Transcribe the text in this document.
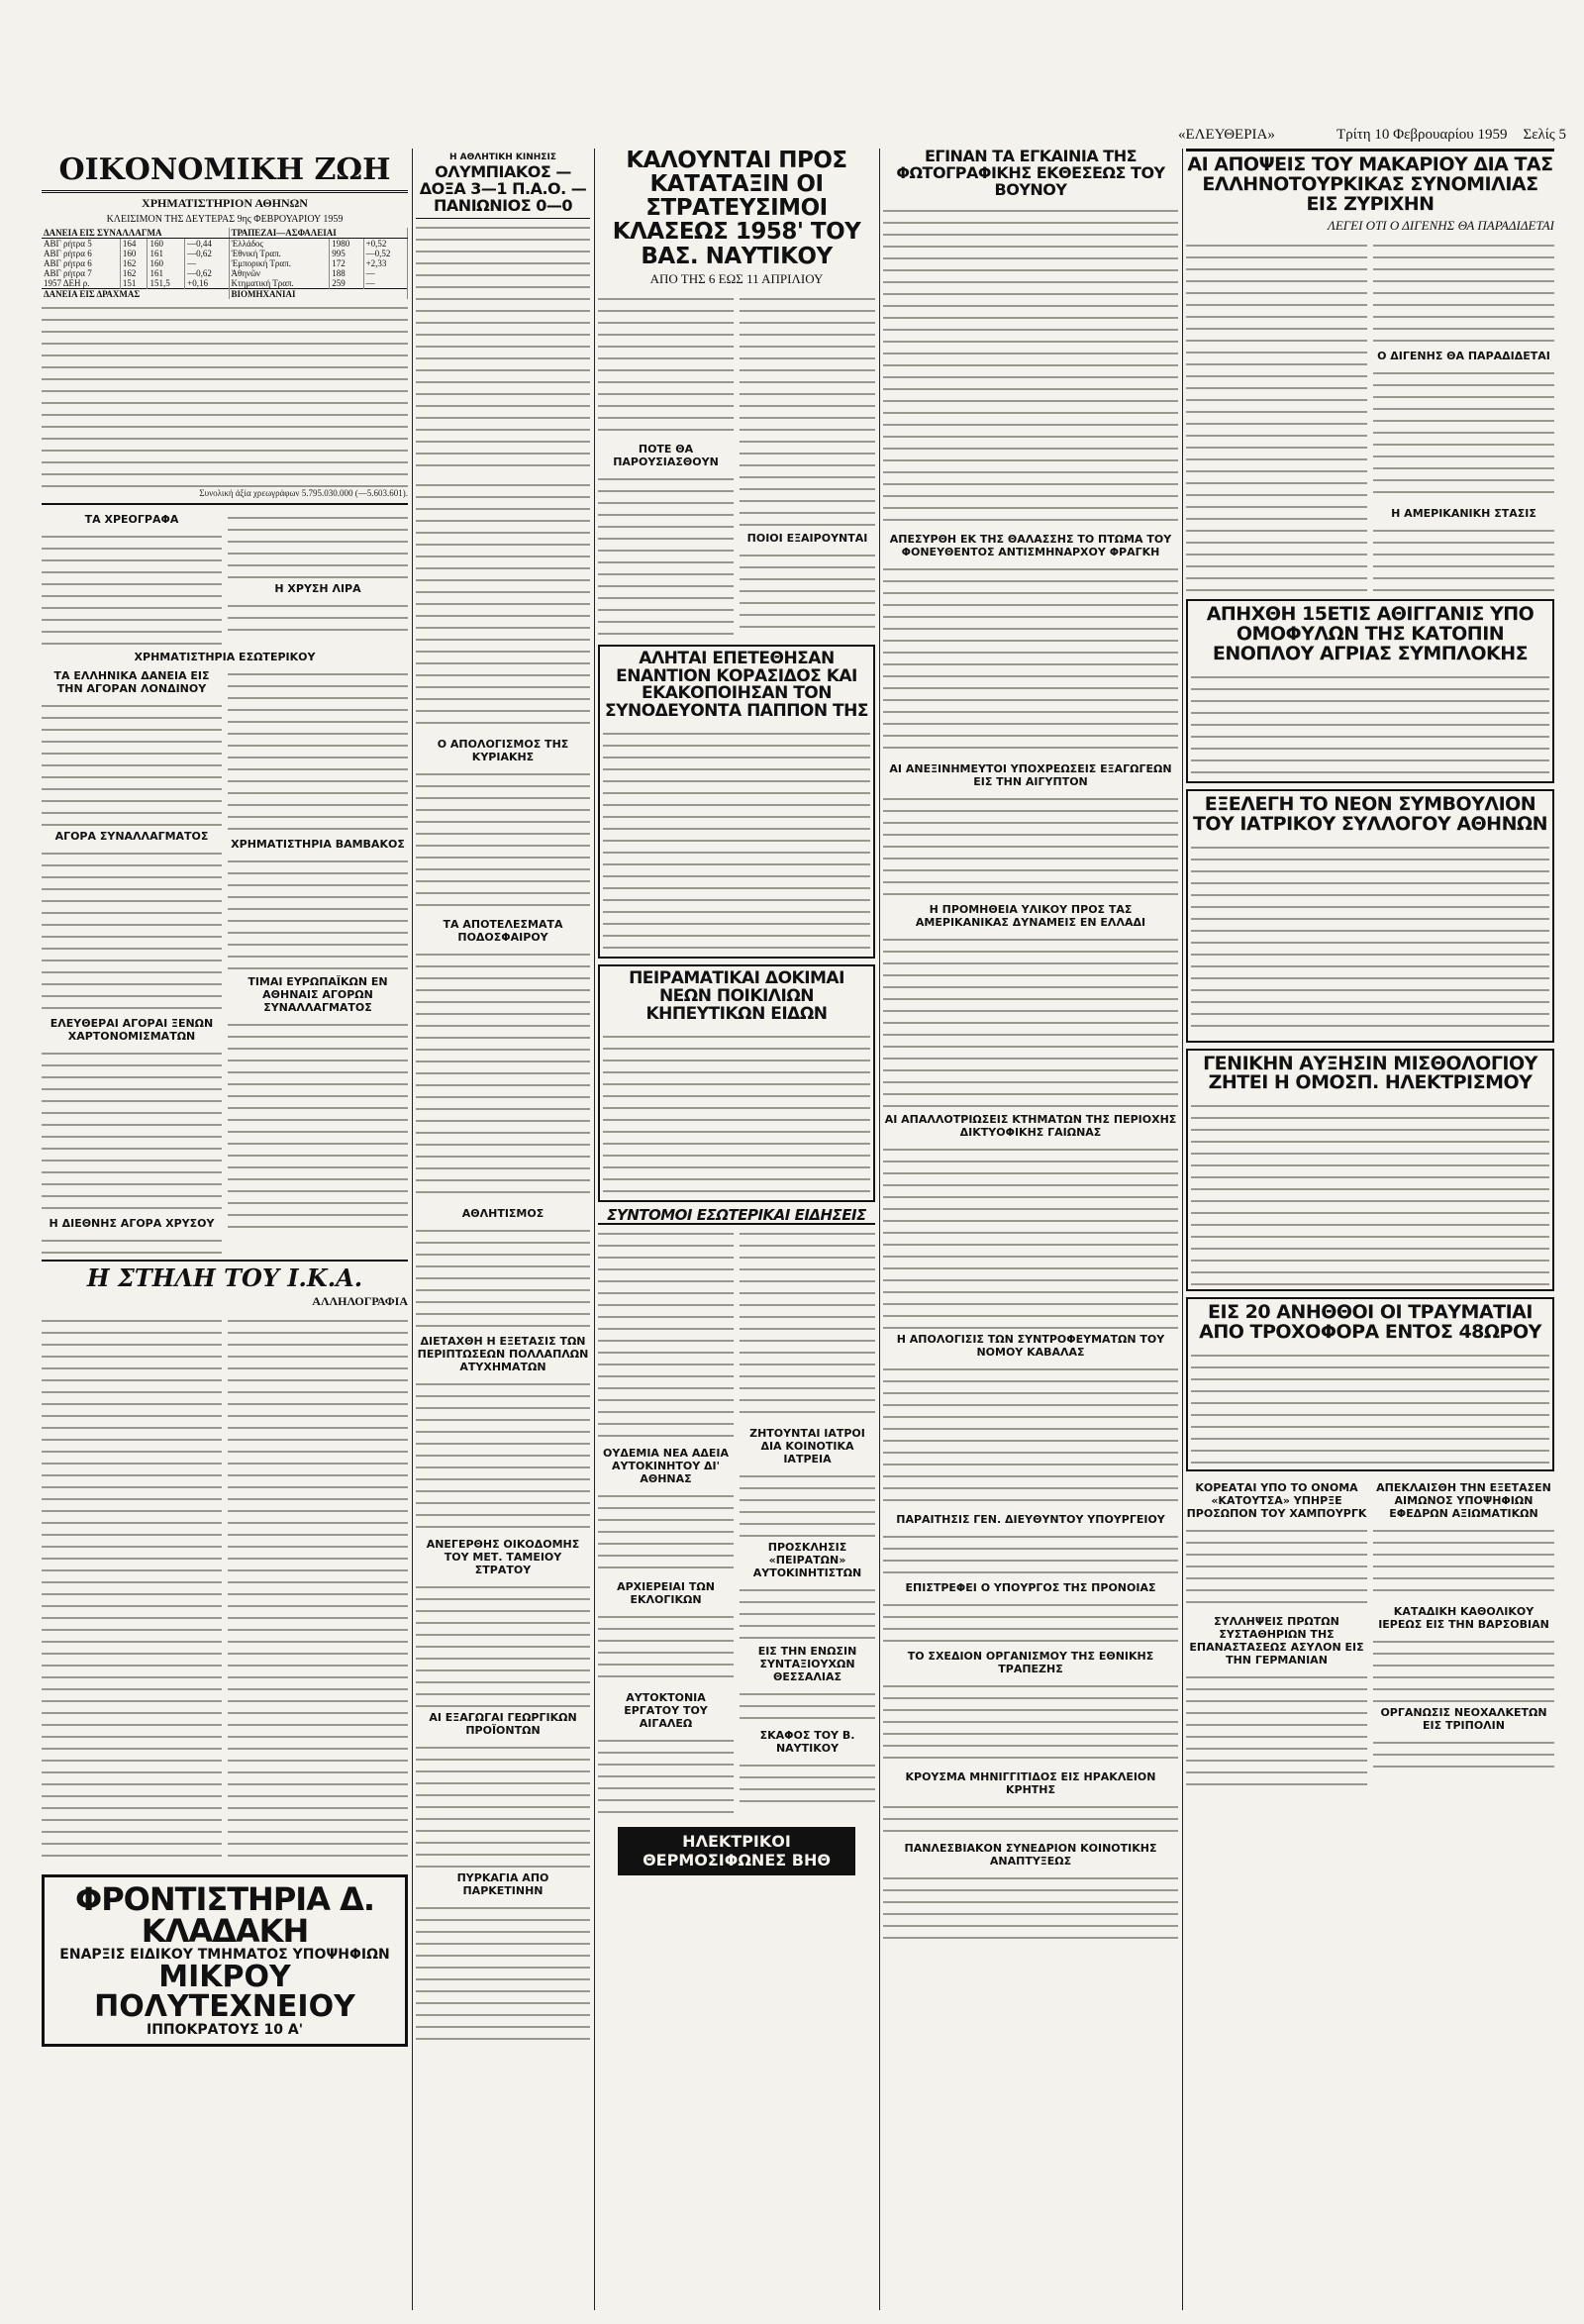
«ΕΛΕΥΘΕΡΙΑ»	Τρίτη 10 Φεβρουαρίου 1959 Σελίς 5
ΟΙΚΟΝΟΜΙΚΗ ΖΩΗ
ΧΡΗΜΑΤΙΣΤΗΡΙΟΝ ΑΘΗΝΩΝ
ΚΛΕΙΣΙΜΟΝ ΤΗΣ ΔΕΥΤΕΡΑΣ 9ης ΦΕΒΡΟΥΑΡΙΟΥ 1959
ΔΑΝΕΙΑ ΕΙΣ ΣΥΝΑΛΛΑΓΜΑ				ΤΡΑΠΕΖΑΙ—ΑΣΦΑΛΕΙΑΙ		
ΑΒΓ ρήτρα 5	164	160	—0,44	Ἐλλάδος	1980	+0,52
ΑΒΓ ρήτρα 6	160	161	—0,62	Ἐθνική Τραπ.	995	—0,52
ΑΒΓ ρήτρα 6	162	160	—	Ἐμπορική Τραπ.	172	+2,33
ΑΒΓ ρήτρα 7	162	161	—0,62	Ἀθηνῶν	188	—
1957 ΔΕΗ ρ.	151	151,5	+0,16	Κτηματική Τραπ.	259	—
ΔΑΝΕΙΑ ΕΙΣ ΔΡΑΧΜΑΣ				ΒΙΟΜΗΧΑΝΙΑΙ		
Συνολική ἀξία χρεωγράφων 5.795.030.000 (—5.603.601).
ΤΑ ΧΡΕΟΓΡΑΦΑ
Η ΧΡΥΣΗ ΛΙΡΑ
ΧΡΗΜΑΤΙΣΤΗΡΙΑ ΕΣΩΤΕΡΙΚΟΥ
ΤΑ ΕΛΛΗΝΙΚΑ ΔΑΝΕΙΑ ΕΙΣ ΤΗΝ ΑΓΟΡΑΝ ΛΟΝΔΙΝΟΥ
ΑΓΟΡΑ ΣΥΝΑΛΛΑΓΜΑΤΟΣ
ΕΛΕΥΘΕΡΑΙ ΑΓΟΡΑΙ ΞΕΝΩΝ ΧΑΡΤΟΝΟΜΙΣΜΑΤΩΝ
Η ΔΙΕΘΝΗΣ ΑΓΟΡΑ ΧΡΥΣΟΥ
ΧΡΗΜΑΤΙΣΤΗΡΙΑ ΒΑΜΒΑΚΟΣ
ΤΙΜΑΙ ΕΥΡΩΠΑΪΚΩΝ ΕΝ ΑΘΗΝΑΙΣ ΑΓΟΡΩΝ ΣΥΝΑΛΛΑΓΜΑΤΟΣ
Η ΣΤΗΛΗ ΤΟΥ Ι.Κ.Α.
ΑΛΛΗΛΟΓΡΑΦΙΑ
ΦΡΟΝΤΙΣΤΗΡΙΑ Δ. ΚΛΑΔΑΚΗ
ΕΝΑΡΞΙΣ ΕΙΔΙΚΟΥ ΤΜΗΜΑΤΟΣ ΥΠΟΨΗΦΙΩΝ
ΜΙΚΡΟΥ ΠΟΛΥΤΕΧΝΕΙΟΥ
ΙΠΠΟΚΡΑΤΟΥΣ 10 Α'
Η ΑΘΛΗΤΙΚΗ ΚΙΝΗΣΙΣ
ΟΛΥΜΠΙΑΚΟΣ — ΔΟΞΑ 3—1 Π.Α.Ο. — ΠΑΝΙΩΝΙΟΣ 0—0
Ο ΑΠΟΛΟΓΙΣΜΟΣ ΤΗΣ ΚΥΡΙΑΚΗΣ
ΤΑ ΑΠΟΤΕΛΕΣΜΑΤΑ ΠΟΔΟΣΦΑΙΡΟΥ
ΑΘΛΗΤΙΣΜΟΣ
ΔΙΕΤΑΧΘΗ Η ΕΞΕΤΑΣΙΣ ΤΩΝ ΠΕΡΙΠΤΩΣΕΩΝ ΠΟΛΛΑΠΛΩΝ ΑΤΥΧΗΜΑΤΩΝ
ΑΝΕΓΕΡΘΗΣ ΟΙΚΟΔΟΜΗΣ ΤΟΥ ΜΕΤ. ΤΑΜΕΙΟΥ ΣΤΡΑΤΟΥ
ΑΙ ΕΞΑΓΩΓΑΙ ΓΕΩΡΓΙΚΩΝ ΠΡΟΪΟΝΤΩΝ
ΠΥΡΚΑΓΙΑ ΑΠΟ ΠΑΡΚΕΤΙΝΗΝ
ΚΑΛΟΥΝΤΑΙ ΠΡΟΣ ΚΑΤΑΤΑΞΙΝ ΟΙ ΣΤΡΑΤΕΥΣΙΜΟΙ ΚΛΑΣΕΩΣ 1958' ΤΟΥ ΒΑΣ. ΝΑΥΤΙΚΟΥ
ΑΠΟ ΤΗΣ 6 ΕΩΣ 11 ΑΠΡΙΛΙΟΥ
ΠΟΤΕ ΘΑ ΠΑΡΟΥΣΙΑΣΘΟΥΝ
ΠΟΙΟΙ ΕΞΑΙΡΟΥΝΤΑΙ
ΑΛΗΤΑΙ ΕΠΕΤΕΘΗΣΑΝ ΕΝΑΝΤΙΟΝ ΚΟΡΑΣΙΔΟΣ ΚΑΙ ΕΚΑΚΟΠΟΙΗΣΑΝ ΤΟΝ ΣΥΝΟΔΕΥΟΝΤΑ ΠΑΠΠΟΝ ΤΗΣ
ΠΕΙΡΑΜΑΤΙΚΑΙ ΔΟΚΙΜΑΙ ΝΕΩΝ ΠΟΙΚΙΛΙΩΝ ΚΗΠΕΥΤΙΚΩΝ ΕΙΔΩΝ
ΣΥΝΤΟΜΟΙ ΕΣΩΤΕΡΙΚΑΙ ΕΙΔΗΣΕΙΣ
ΟΥΔΕΜΙΑ ΝΕΑ ΑΔΕΙΑ ΑΥΤΟΚΙΝΗΤΟΥ ΔΙ' ΑΘΗΝΑΣ
ΑΡΧΙΕΡΕΙΑΙ ΤΩΝ ΕΚΛΟΓΙΚΩΝ
ΑΥΤΟΚΤΟΝΙΑ ΕΡΓΑΤΟΥ ΤΟΥ ΑΙΓΑΛΕΩ
ΖΗΤΟΥΝΤΑΙ ΙΑΤΡΟΙ ΔΙΑ ΚΟΙΝΟΤΙΚΑ ΙΑΤΡΕΙΑ
ΠΡΟΣΚΛΗΣΙΣ «ΠΕΙΡΑΤΩΝ» ΑΥΤΟΚΙΝΗΤΙΣΤΩΝ
ΕΙΣ ΤΗΝ ΕΝΩΣΙΝ ΣΥΝΤΑΞΙΟΥΧΩΝ ΘΕΣΣΑΛΙΑΣ
ΣΚΑΦΟΣ ΤΟΥ Β. ΝΑΥΤΙΚΟΥ
ΗΛΕΚΤΡΙΚΟΙ ΘΕΡΜΟΣΙΦΩΝΕΣ ΒΗΘ
ΕΓΙΝΑΝ ΤΑ ΕΓΚΑΙΝΙΑ ΤΗΣ ΦΩΤΟΓΡΑΦΙΚΗΣ ΕΚΘΕΣΕΩΣ ΤΟΥ ΒΟΥΝΟΥ
ΑΠΕΣΥΡΘΗ ΕΚ ΤΗΣ ΘΑΛΑΣΣΗΣ ΤΟ ΠΤΩΜΑ ΤΟΥ ΦΟΝΕΥΘΕΝΤΟΣ ΑΝΤΙΣΜΗΝΑΡΧΟΥ ΦΡΑΓΚΗ
ΑΙ ΑΝΕΞΙΝΗΜΕΥΤΟΙ ΥΠΟΧΡΕΩΣΕΙΣ ΕΞΑΓΩΓΕΩΝ ΕΙΣ ΤΗΝ ΑΙΓΥΠΤΟΝ
Η ΠΡΟΜΗΘΕΙΑ ΥΛΙΚΟΥ ΠΡΟΣ ΤΑΣ ΑΜΕΡΙΚΑΝΙΚΑΣ ΔΥΝΑΜΕΙΣ ΕΝ ΕΛΛΑΔΙ
ΑΙ ΑΠΑΛΛΟΤΡΙΩΣΕΙΣ ΚΤΗΜΑΤΩΝ ΤΗΣ ΠΕΡΙΟΧΗΣ ΔΙΚΤΥΟΦΙΚΗΣ ΓΑΙΩΝΑΣ
Η ΑΠΟΛΟΓΙΣΙΣ ΤΩΝ ΣΥΝΤΡΟΦΕΥΜΑΤΩΝ ΤΟΥ ΝΟΜΟΥ ΚΑΒΑΛΑΣ
ΠΑΡΑΙΤΗΣΙΣ ΓΕΝ. ΔΙΕΥΘΥΝΤΟΥ ΥΠΟΥΡΓΕΙΟΥ
ΕΠΙΣΤΡΕΦΕΙ Ο ΥΠΟΥΡΓΟΣ ΤΗΣ ΠΡΟΝΟΙΑΣ
ΤΟ ΣΧΕΔΙΟΝ ΟΡΓΑΝΙΣΜΟΥ ΤΗΣ ΕΘΝΙΚΗΣ ΤΡΑΠΕΖΗΣ
ΚΡΟΥΣΜΑ ΜΗΝΙΓΓΙΤΙΔΟΣ ΕΙΣ ΗΡΑΚΛΕΙΟΝ ΚΡΗΤΗΣ
ΠΑΝΛΕΣΒΙΑΚΟΝ ΣΥΝΕΔΡΙΟΝ ΚΟΙΝΟΤΙΚΗΣ ΑΝΑΠΤΥΞΕΩΣ
ΑΙ ΑΠΟΨΕΙΣ ΤΟΥ ΜΑΚΑΡΙΟΥ ΔΙΑ ΤΑΣ ΕΛΛΗΝΟΤΟΥΡΚΙΚΑΣ ΣΥΝΟΜΙΛΙΑΣ ΕΙΣ ΖΥΡΙΧΗΝ
ΛΕΓΕΙ ΟΤΙ Ο ΔΙΓΕΝΗΣ ΘΑ ΠΑΡΑΔΙΔΕΤΑΙ
Ο ΔΙΓΕΝΗΣ ΘΑ ΠΑΡΑΔΙΔΕΤΑΙ
Η ΑΜΕΡΙΚΑΝΙΚΗ ΣΤΑΣΙΣ
ΑΠΗΧΘΗ 15ΕΤΙΣ ΑΘΙΓΓΑΝΙΣ ΥΠΟ ΟΜΟΦΥΛΩΝ ΤΗΣ ΚΑΤΟΠΙΝ ΕΝΟΠΛΟΥ ΑΓΡΙΑΣ ΣΥΜΠΛΟΚΗΣ
ΕΞΕΛΕΓΗ ΤΟ ΝΕΟΝ ΣΥΜΒΟΥΛΙΟΝ ΤΟΥ ΙΑΤΡΙΚΟΥ ΣΥΛΛΟΓΟΥ ΑΘΗΝΩΝ
ΓΕΝΙΚΗΝ ΑΥΞΗΣΙΝ ΜΙΣΘΟΛΟΓΙΟΥ ΖΗΤΕΙ Η ΟΜΟΣΠ. ΗΛΕΚΤΡΙΣΜΟΥ
ΕΙΣ 20 ΑΝΗΘΘΟΙ ΟΙ ΤΡΑΥΜΑΤΙΑΙ ΑΠΟ ΤΡΟΧΟΦΟΡΑ ΕΝΤΟΣ 48ΩΡΟΥ
ΚΟΡΕΑΤΑΙ ΥΠΟ ΤΟ ΟΝΟΜΑ «ΚΑΤΟΥΤΣΑ» ΥΠΗΡΞΕ ΠΡΟΣΩΠΟΝ ΤΟΥ ΧΑΜΠΟΥΡΓΚ
ΣΥΛΛΗΨΕΙΣ ΠΡΩΤΩΝ ΣΥΣΤΑΘΗΡΙΩΝ ΤΗΣ ΕΠΑΝΑΣΤΑΣΕΩΣ ΑΣΥΛΟΝ ΕΙΣ ΤΗΝ ΓΕΡΜΑΝΙΑΝ
ΑΠΕΚΛΑΙΣΘΗ ΤΗΝ ΕΞΕΤΑΣΕΝ ΑΙΜΩΝΟΣ ΥΠΟΨΗΦΙΩΝ ΕΦΕΔΡΩΝ ΑΞΙΩΜΑΤΙΚΩΝ
ΚΑΤΑΔΙΚΗ ΚΑΘΟΛΙΚΟΥ ΙΕΡΕΩΣ ΕΙΣ ΤΗΝ ΒΑΡΣΟΒΙΑΝ
ΟΡΓΑΝΩΣΙΣ ΝΕΟΧΑΛΚΕΤΩΝ ΕΙΣ ΤΡΙΠΟΛΙΝ
